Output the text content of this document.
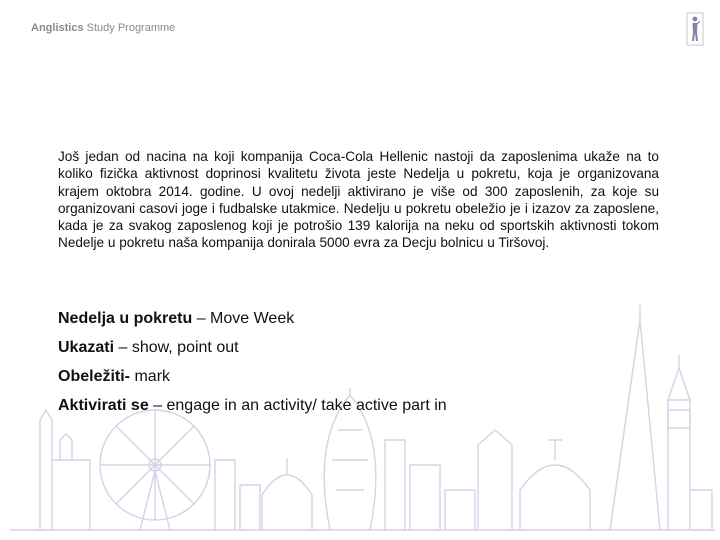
Anglistics Study Programme

Još jedan od nacina na koji kompanija Coca-Cola Hellenic nastoji da zaposlenima ukaže na to koliko fizička aktivnost doprinosi kvalitetu života jeste Nedelja u pokretu, koja je organizovana krajem oktobra 2014. godine. U ovoj nedelji aktivirano je više od 300 zaposlenih, za koje su organizovani casovi joge i fudbalske utakmice. Nedelju u pokretu obeležio je i izazov za zaposlene, kada je za svakog zaposlenog koji je potrošio 139 kalorija na neku od sportskih aktivnosti tokom Nedelje u pokretu naša kompanija donirala 5000 evra za Decju bolnicu u Tiršovoj.

Nedelja u pokretu – Move Week
Ukazati – show, point out
Obeležiti- mark
Aktivirati se – engage in an activity/ take active part in
